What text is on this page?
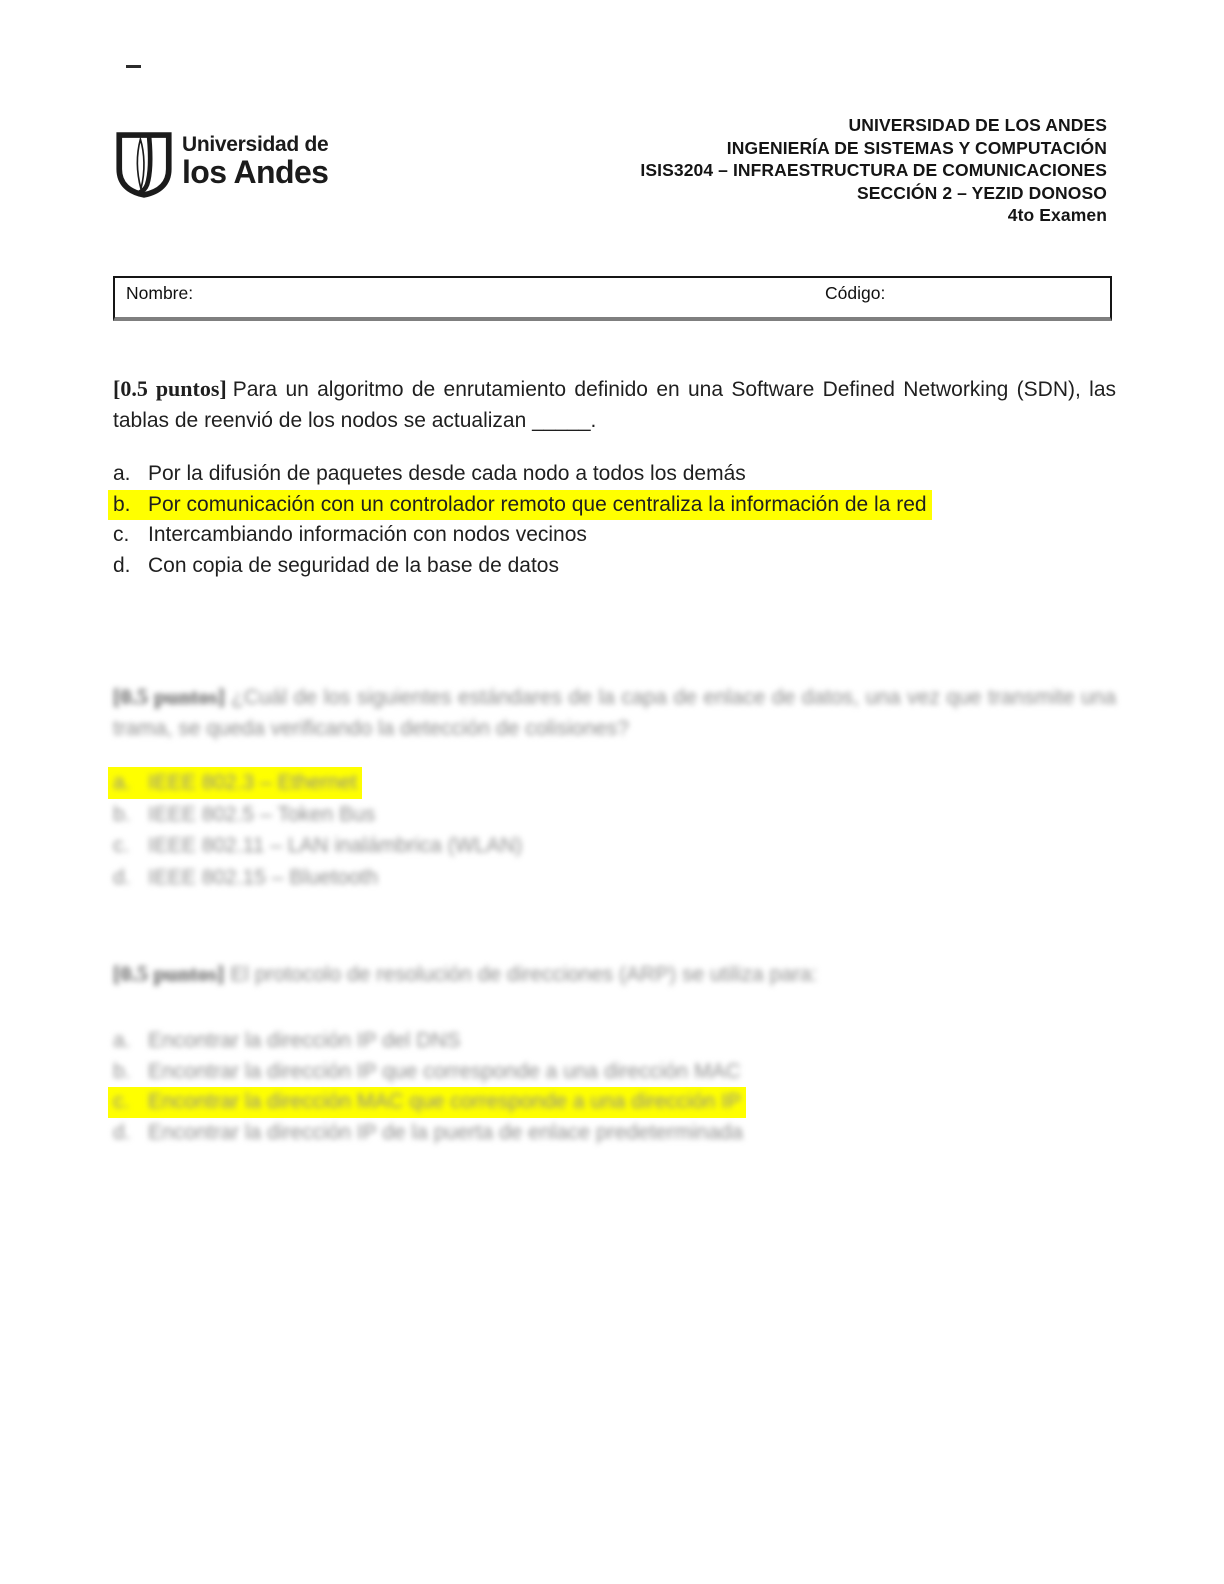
Universidad de
los Andes
UNIVERSIDAD DE LOS ANDES
INGENIERÍA DE SISTEMAS Y COMPUTACIÓN
ISIS3204 – INFRAESTRUCTURA DE COMUNICACIONES
SECCIÓN 2 – YEZID DONOSO
4to Examen
Nombre:	Código:

[0.5 puntos] Para un algoritmo de enrutamiento definido en una Software Defined Networking (SDN), las tablas de reenvió de los nodos se actualizan _____.

a. Por la difusión de paquetes desde cada nodo a todos los demás
b. Por comunicación con un controlador remoto que centraliza la información de la red
c. Intercambiando información con nodos vecinos
d. Con copia de seguridad de la base de datos

[0.5 puntos] ¿Cuál de los siguientes estándares de la capa de enlace de datos, una vez que transmite una trama, se queda verificando la detección de colisiones?

a. IEEE 802.3 – Ethernet
b. IEEE 802.5 – Token Bus
c. IEEE 802.11 – LAN inalámbrica (WLAN)
d. IEEE 802.15 – Bluetooth

[0.5 puntos] El protocolo de resolución de direcciones (ARP) se utiliza para:

a. Encontrar la dirección IP del DNS
b. Encontrar la dirección IP que corresponde a una dirección MAC
c. Encontrar la dirección MAC que corresponde a una dirección IP
d. Encontrar la dirección IP de la puerta de enlace predeterminada
